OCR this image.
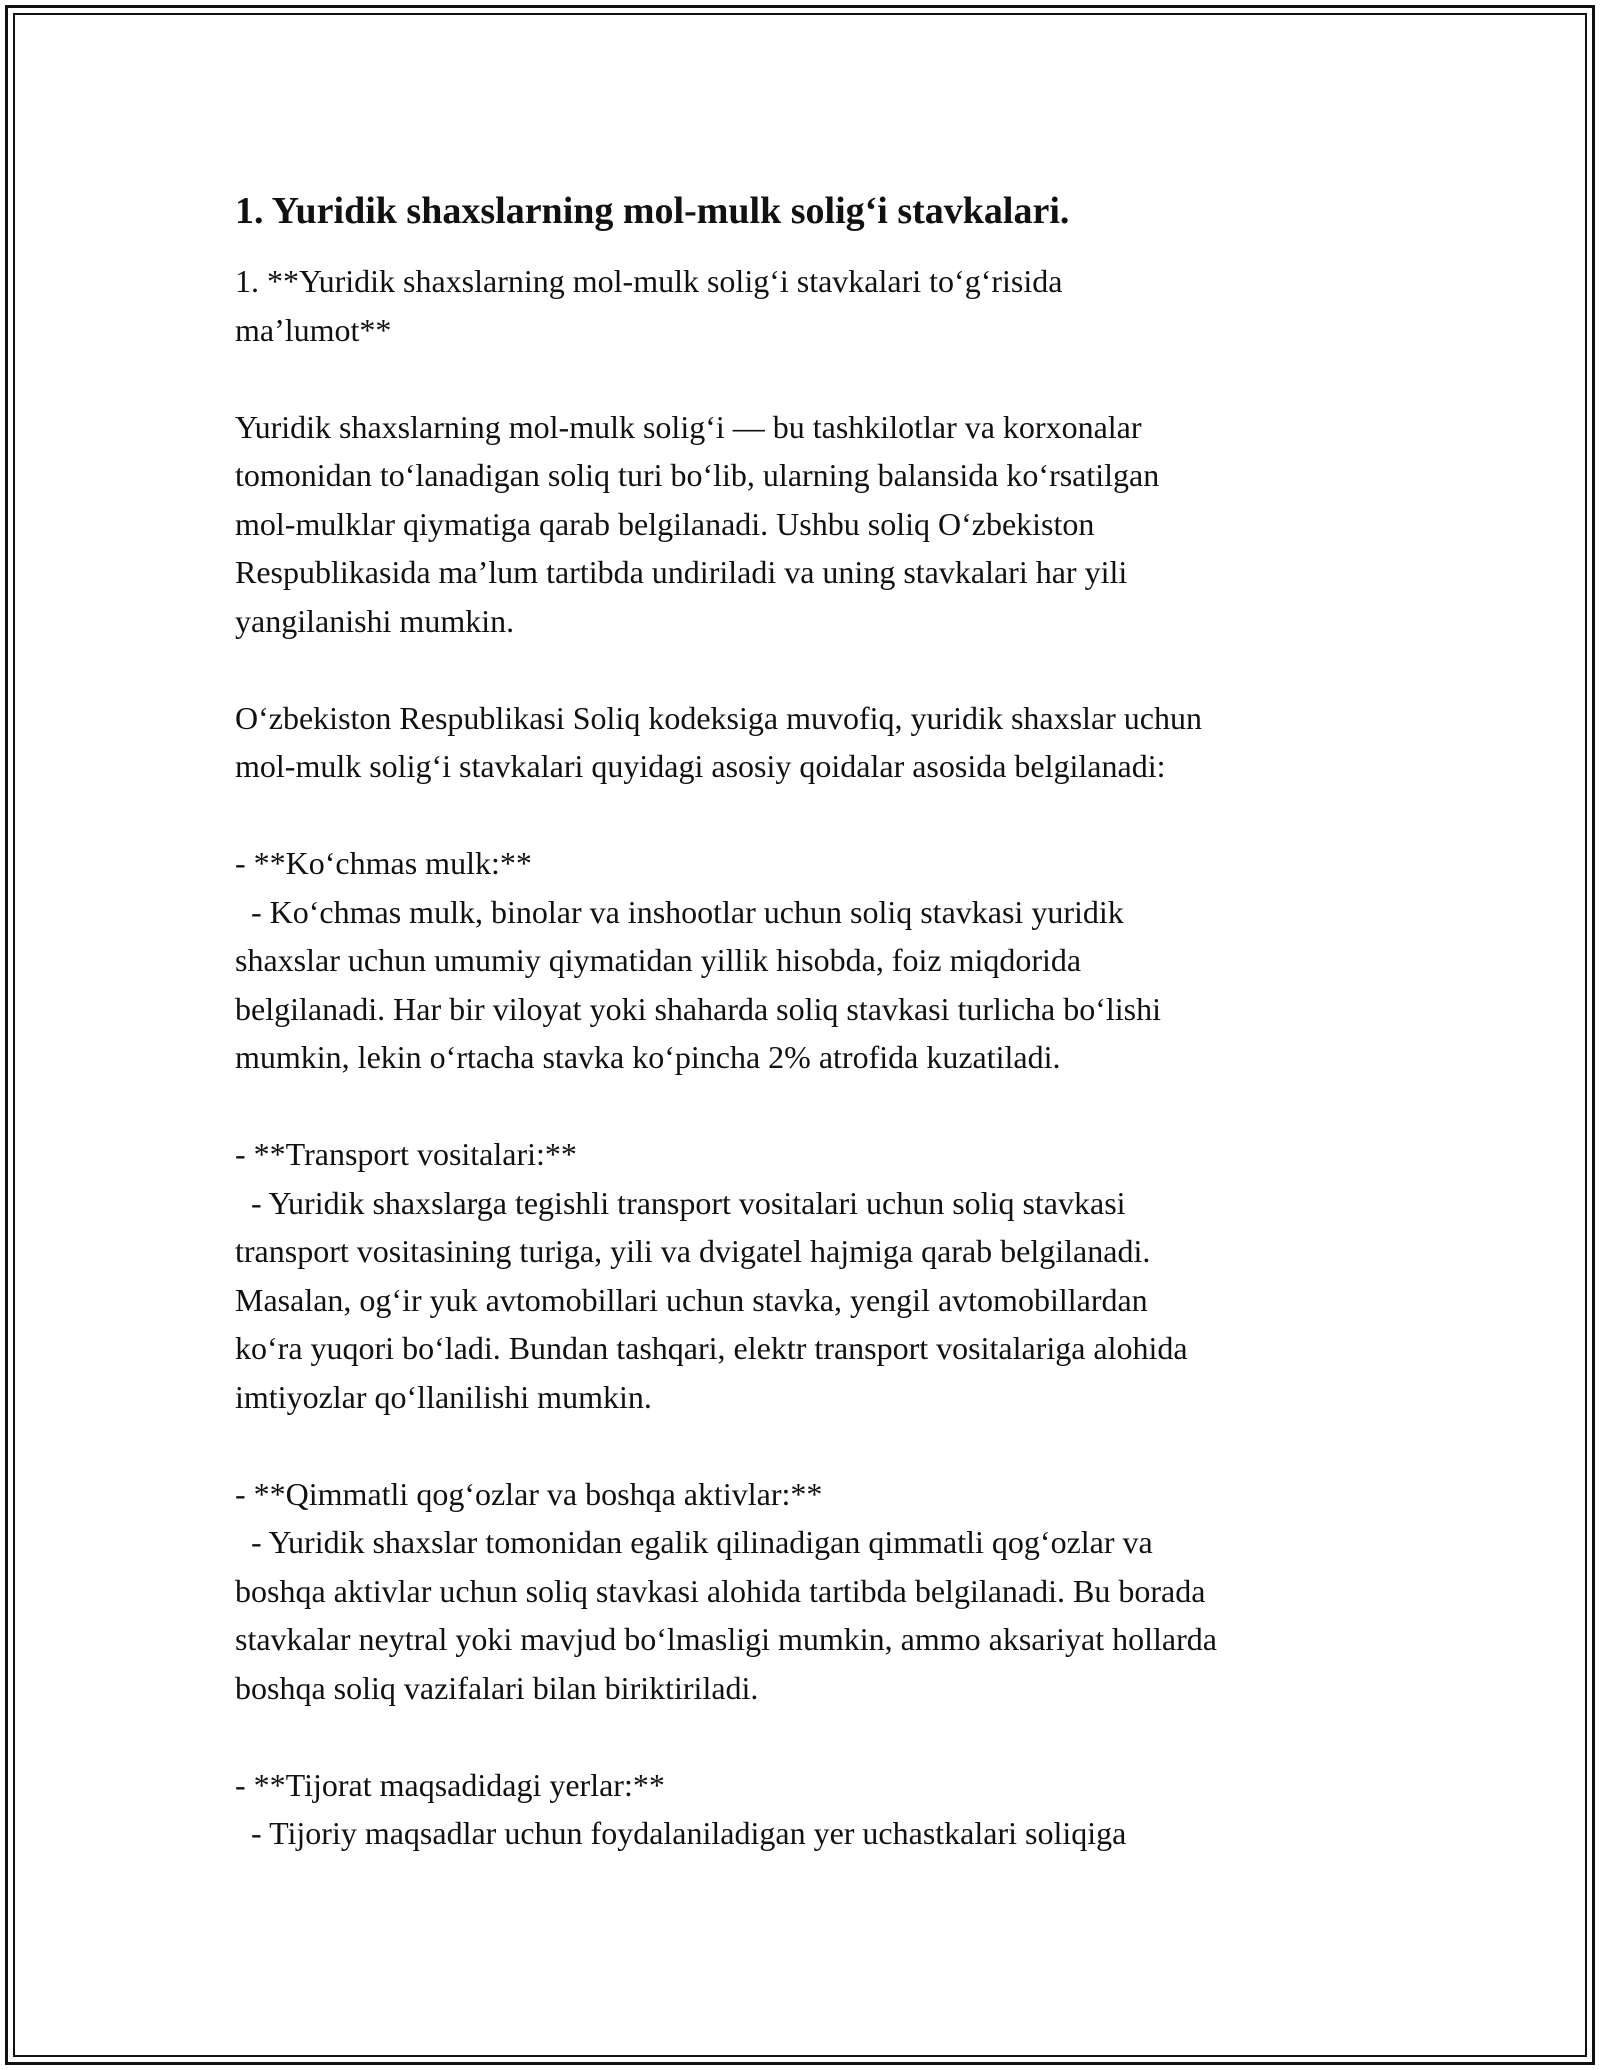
1. Yuridik shaxslarning mol-mulk solig‘i stavkalari.
1. **Yuridik shaxslarning mol-mulk solig‘i stavkalari to‘g‘risida
ma’lumot**
Yuridik shaxslarning mol-mulk solig‘i — bu tashkilotlar va korxonalar
tomonidan to‘lanadigan soliq turi bo‘lib, ularning balansida ko‘rsatilgan
mol-mulklar qiymatiga qarab belgilanadi. Ushbu soliq O‘zbekiston
Respublikasida ma’lum tartibda undiriladi va uning stavkalari har yili
yangilanishi mumkin.
O‘zbekiston Respublikasi Soliq kodeksiga muvofiq, yuridik shaxslar uchun
mol-mulk solig‘i stavkalari quyidagi asosiy qoidalar asosida belgilanadi:
- **Ko‘chmas mulk:**
- Ko‘chmas mulk, binolar va inshootlar uchun soliq stavkasi yuridik
shaxslar uchun umumiy qiymatidan yillik hisobda, foiz miqdorida
belgilanadi. Har bir viloyat yoki shaharda soliq stavkasi turlicha bo‘lishi
mumkin, lekin o‘rtacha stavka ko‘pincha 2% atrofida kuzatiladi.
- **Transport vositalari:**
- Yuridik shaxslarga tegishli transport vositalari uchun soliq stavkasi
transport vositasining turiga, yili va dvigatel hajmiga qarab belgilanadi.
Masalan, og‘ir yuk avtomobillari uchun stavka, yengil avtomobillardan
ko‘ra yuqori bo‘ladi. Bundan tashqari, elektr transport vositalariga alohida
imtiyozlar qo‘llanilishi mumkin.
- **Qimmatli qog‘ozlar va boshqa aktivlar:**
- Yuridik shaxslar tomonidan egalik qilinadigan qimmatli qog‘ozlar va
boshqa aktivlar uchun soliq stavkasi alohida tartibda belgilanadi. Bu borada
stavkalar neytral yoki mavjud bo‘lmasligi mumkin, ammo aksariyat hollarda
boshqa soliq vazifalari bilan biriktiriladi.
- **Tijorat maqsadidagi yerlar:**
- Tijoriy maqsadlar uchun foydalaniladigan yer uchastkalari soliqiga
